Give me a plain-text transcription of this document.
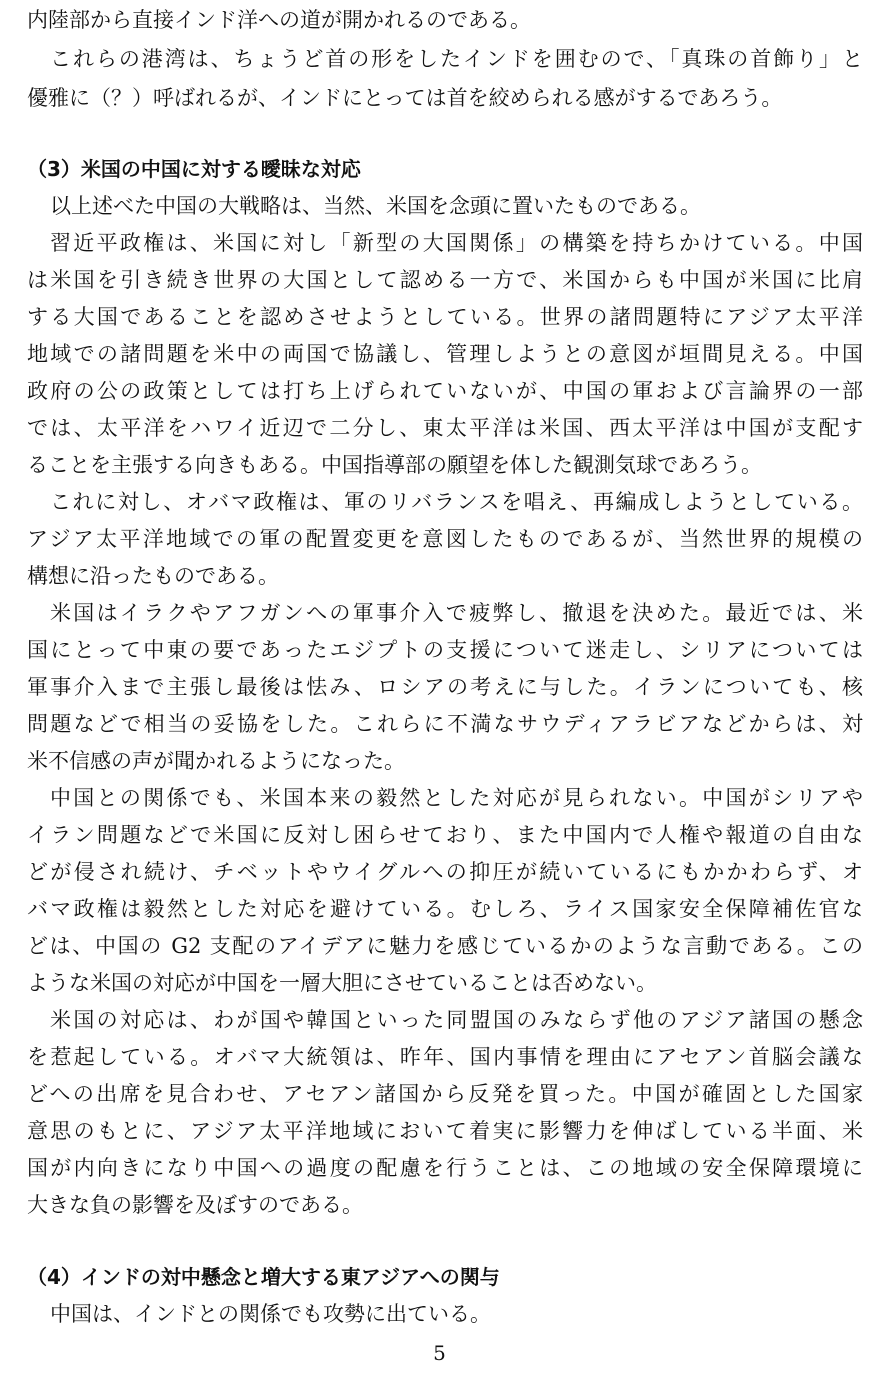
内陸部から直接インド洋への道が開かれるのである。
これらの港湾は、ちょうど首の形をしたインドを囲むので、「真珠の首飾り」と
優雅に（？）呼ばれるが、インドにとっては首を絞められる感がするであろう。
（3）米国の中国に対する曖昧な対応
以上述べた中国の大戦略は、当然、米国を念頭に置いたものである。
習近平政権は、米国に対し「新型の大国関係」の構築を持ちかけている。中国
は米国を引き続き世界の大国として認める一方で、米国からも中国が米国に比肩
する大国であることを認めさせようとしている。世界の諸問題特にアジア太平洋
地域での諸問題を米中の両国で協議し、管理しようとの意図が垣間見える。中国
政府の公の政策としては打ち上げられていないが、中国の軍および言論界の一部
では、太平洋をハワイ近辺で二分し、東太平洋は米国、西太平洋は中国が支配す
ることを主張する向きもある。中国指導部の願望を体した観測気球であろう。
これに対し、オバマ政権は、軍のリバランスを唱え、再編成しようとしている。
アジア太平洋地域での軍の配置変更を意図したものであるが、当然世界的規模の
構想に沿ったものである。
米国はイラクやアフガンへの軍事介入で疲弊し、撤退を決めた。最近では、米
国にとって中東の要であったエジプトの支援について迷走し、シリアについては
軍事介入まで主張し最後は怯み、ロシアの考えに与した。イランについても、核
問題などで相当の妥協をした。これらに不満なサウディアラビアなどからは、対
米不信感の声が聞かれるようになった。
中国との関係でも、米国本来の毅然とした対応が見られない。中国がシリアや
イラン問題などで米国に反対し困らせており、また中国内で人権や報道の自由な
どが侵され続け、チベットやウイグルへの抑圧が続いているにもかかわらず、オ
バマ政権は毅然とした対応を避けている。むしろ、ライス国家安全保障補佐官な
どは、中国の G2 支配のアイデアに魅力を感じているかのような言動である。この
ような米国の対応が中国を一層大胆にさせていることは否めない。
米国の対応は、わが国や韓国といった同盟国のみならず他のアジア諸国の懸念
を惹起している。オバマ大統領は、昨年、国内事情を理由にアセアン首脳会議な
どへの出席を見合わせ、アセアン諸国から反発を買った。中国が確固とした国家
意思のもとに、アジア太平洋地域において着実に影響力を伸ばしている半面、米
国が内向きになり中国への過度の配慮を行うことは、この地域の安全保障環境に
大きな負の影響を及ぼすのである。
（4）インドの対中懸念と増大する東アジアへの関与
中国は、インドとの関係でも攻勢に出ている。
5
